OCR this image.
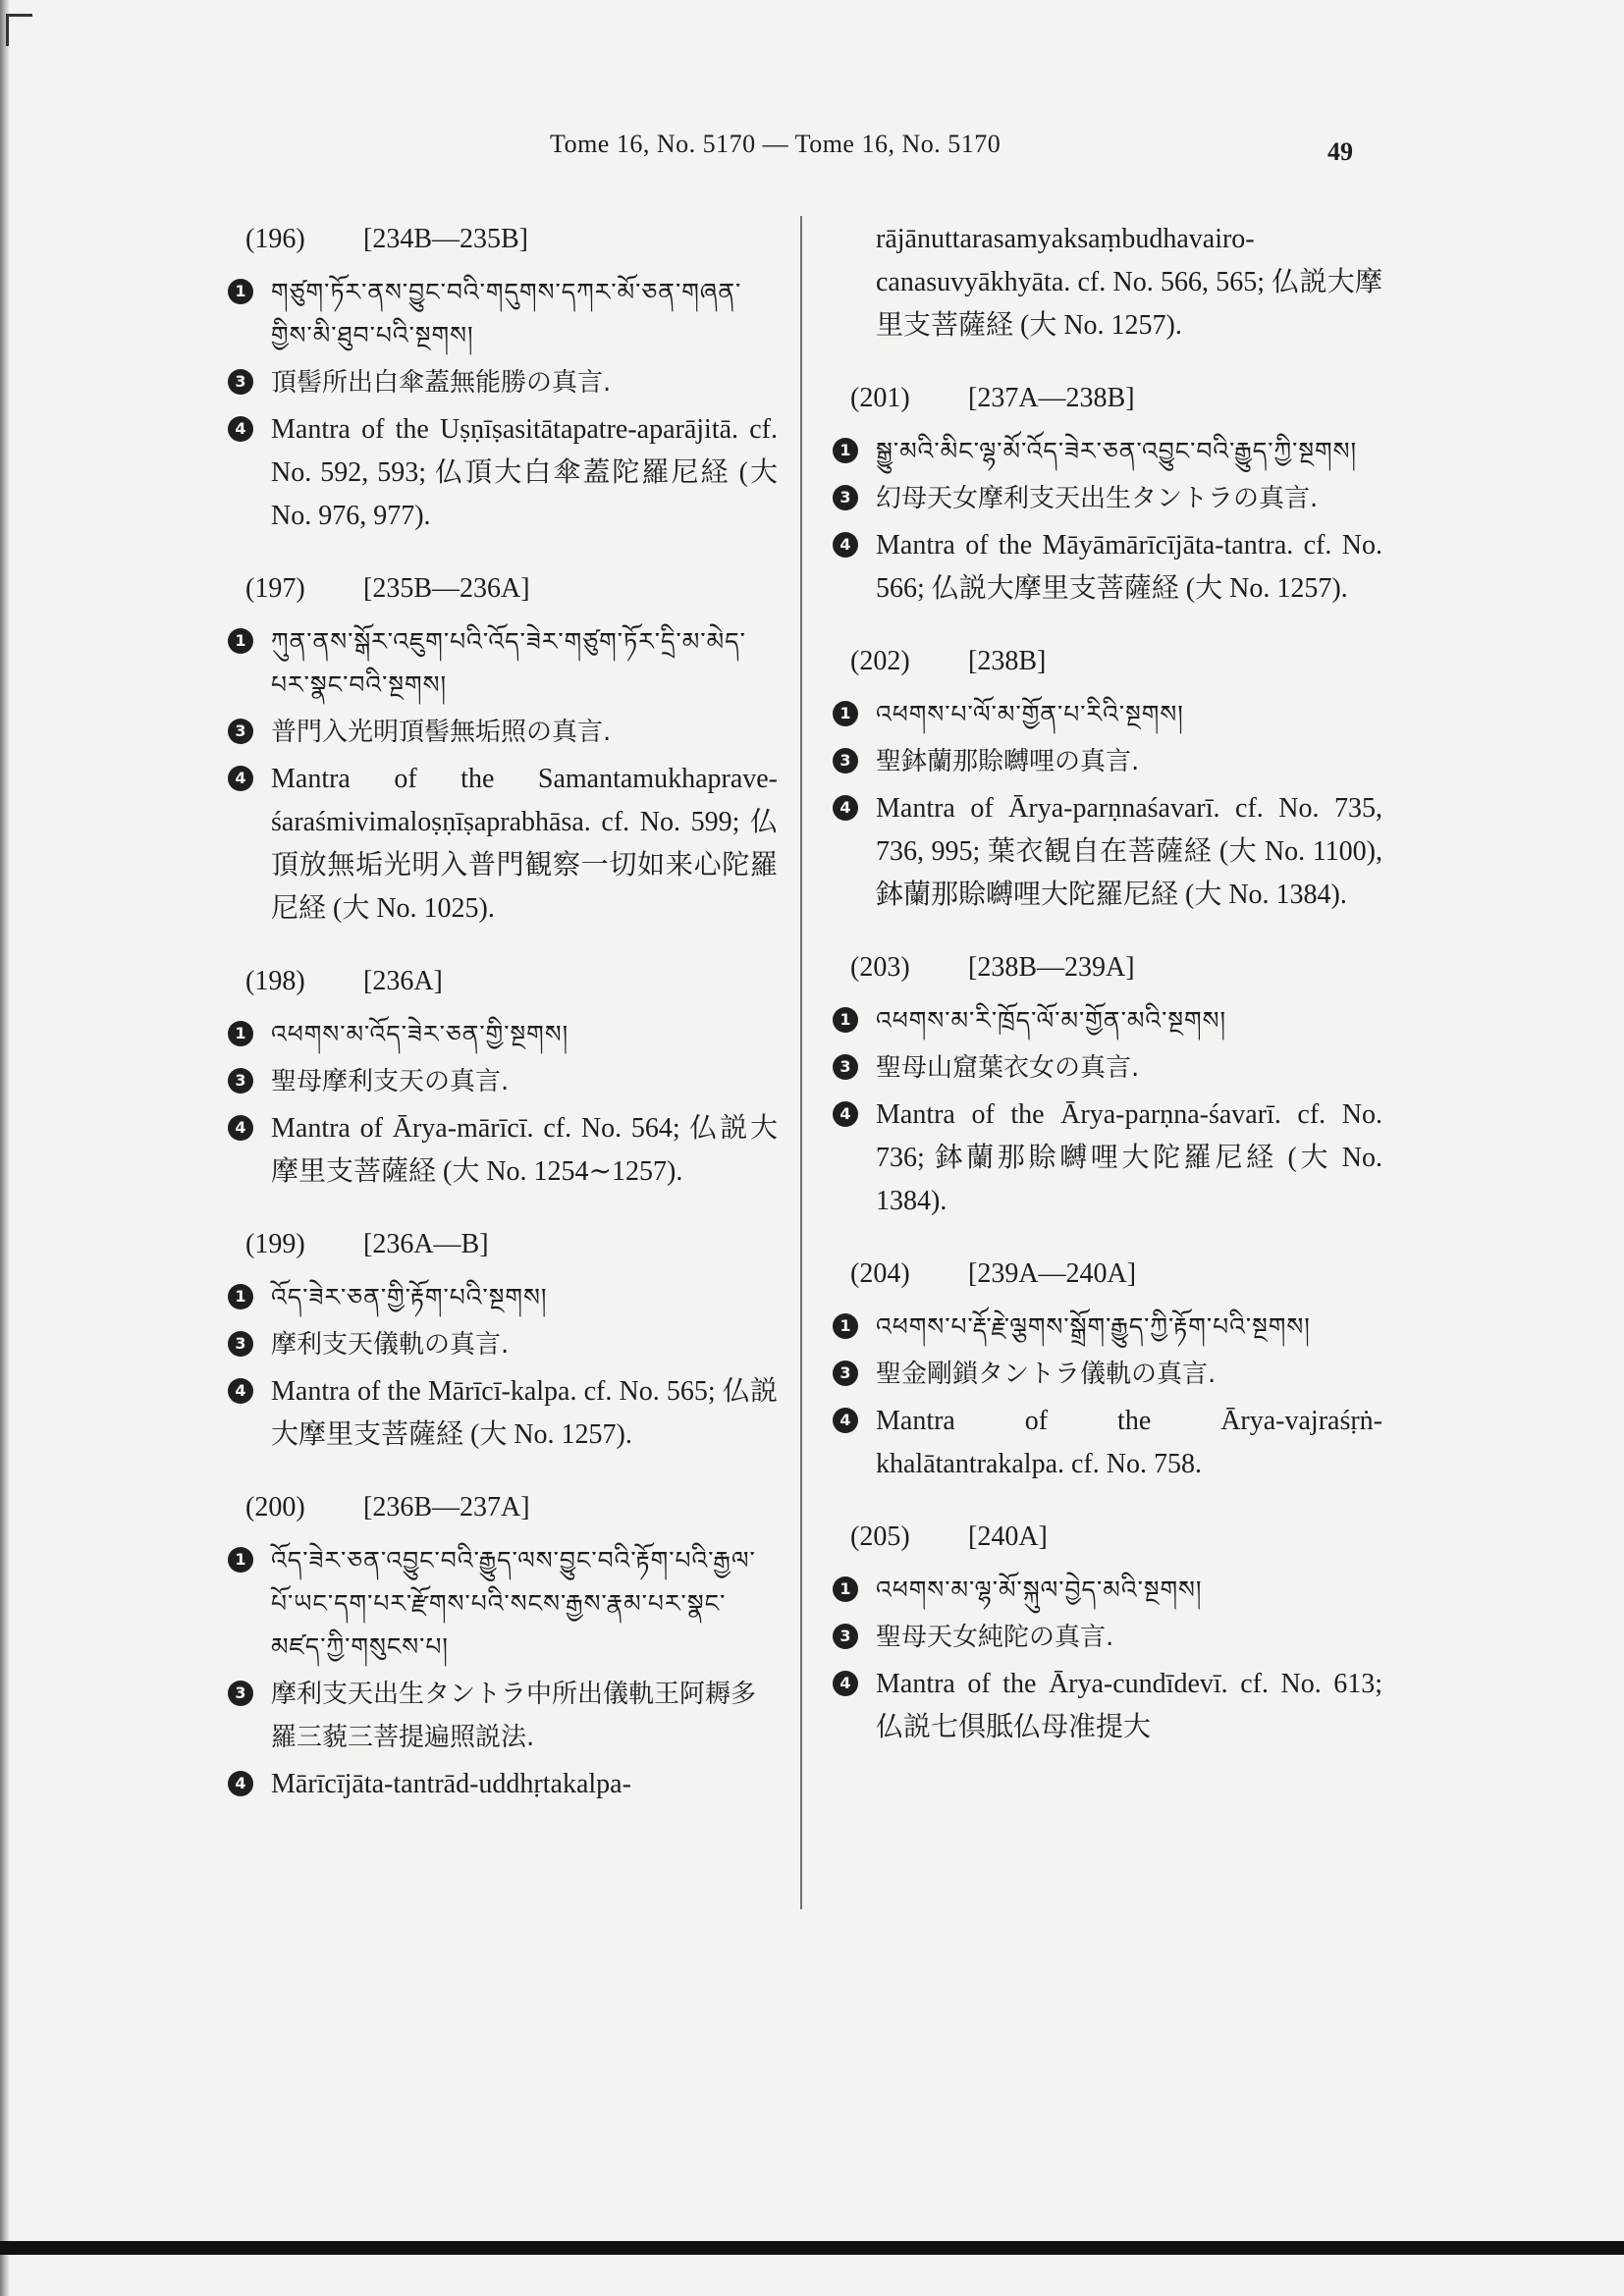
Tome 16, No. 5170 — Tome 16, No. 5170	49
(196) [234B—235B]
1 གཙུག་ཏོར་ནས་བྱུང་བའི་གདུགས་དཀར་མོ་ཅན་གཞན་གྱིས་མི་ཐུབ་པའི་སྔགས།
3 頂髻所出白傘蓋無能勝の真言.
4 Mantra of the Uṣṇīṣasitātapatre-aparājitā. cf. No. 592, 593; 仏頂大白傘蓋陀羅尼経 (大 No. 976, 977).
(197) [235B—236A]
1 ཀུན་ནས་སྒོར་འཇུག་པའི་འོད་ཟེར་གཙུག་ཏོར་དྲི་མ་མེད་པར་སྣང་བའི་སྔགས།
3 普門入光明頂髻無垢照の真言.
4 Mantra of the Samantamukhapraveśaraśmivimaloṣṇīṣaprabhāsa. cf. No. 599; 仏頂放無垢光明入普門観察一切如来心陀羅尼経 (大 No. 1025).
(198) [236A]
1 འཕགས་མ་འོད་ཟེར་ཅན་གྱི་སྔགས།
3 聖母摩利支天の真言.
4 Mantra of Ārya-mārīcī. cf. No. 564; 仏説大摩里支菩薩経 (大 No. 1254∼1257).
(199) [236A—B]
1 འོད་ཟེར་ཅན་གྱི་རྟོག་པའི་སྔགས།
3 摩利支天儀軌の真言.
4 Mantra of the Mārīcī-kalpa. cf. No. 565; 仏説大摩里支菩薩経 (大 No. 1257).
(200) [236B—237A]
1 འོད་ཟེར་ཅན་འབྱུང་བའི་རྒྱུད་ལས་བྱུང་བའི་རྟོག་པའི་རྒྱལ་པོ་ཡང་དག་པར་རྫོགས་པའི་སངས་རྒྱས་རྣམ་པར་སྣང་མཛད་ཀྱི་གསུངས་པ།
3 摩利支天出生タントラ中所出儀軌王阿耨多羅三藐三菩提遍照説法.
4 Mārīcījāta-tantrād-uddhṛtakalpa-
rājānuttarasamyaksaṃbudhavairo-canasuvyākhyāta. cf. No. 566, 565; 仏説大摩里支菩薩経 (大 No. 1257).
(201) [237A—238B]
1 སྒྱུ་མའི་མིང་ལྷ་མོ་འོད་ཟེར་ཅན་འབྱུང་བའི་རྒྱུད་ཀྱི་སྔགས།
3 幻母天女摩利支天出生タントラの真言.
4 Mantra of the Māyāmārīcījāta-tantra. cf. No. 566; 仏説大摩里支菩薩経 (大 No. 1257).
(202) [238B]
1 འཕགས་པ་ལོ་མ་གྱོན་པ་རིའི་སྔགས།
3 聖鉢蘭那賒嚩哩の真言.
4 Mantra of Ārya-parṇnaśavarī. cf. No. 735, 736, 995; 葉衣観自在菩薩経 (大 No. 1100), 鉢蘭那賒嚩哩大陀羅尼経 (大 No. 1384).
(203) [238B—239A]
1 འཕགས་མ་རི་ཁྲོད་ལོ་མ་གྱོན་མའི་སྔགས།
3 聖母山窟葉衣女の真言.
4 Mantra of the Ārya-parṇna-śavarī. cf. No. 736; 鉢蘭那賒嚩哩大陀羅尼経 (大 No. 1384).
(204) [239A—240A]
1 འཕགས་པ་རྡོ་རྗེ་ལྕགས་སྒྲོག་རྒྱུད་ཀྱི་རྟོག་པའི་སྔགས།
3 聖金剛鎖タントラ儀軌の真言.
4 Mantra of the Ārya-vajraśṛṅ-khalātantrakalpa. cf. No. 758.
(205) [240A]
1 འཕགས་མ་ལྷ་མོ་སྐུལ་བྱེད་མའི་སྔགས།
3 聖母天女純陀の真言.
4 Mantra of the Ārya-cundīdevī. cf. No. 613; 仏説七倶胝仏母准提大
